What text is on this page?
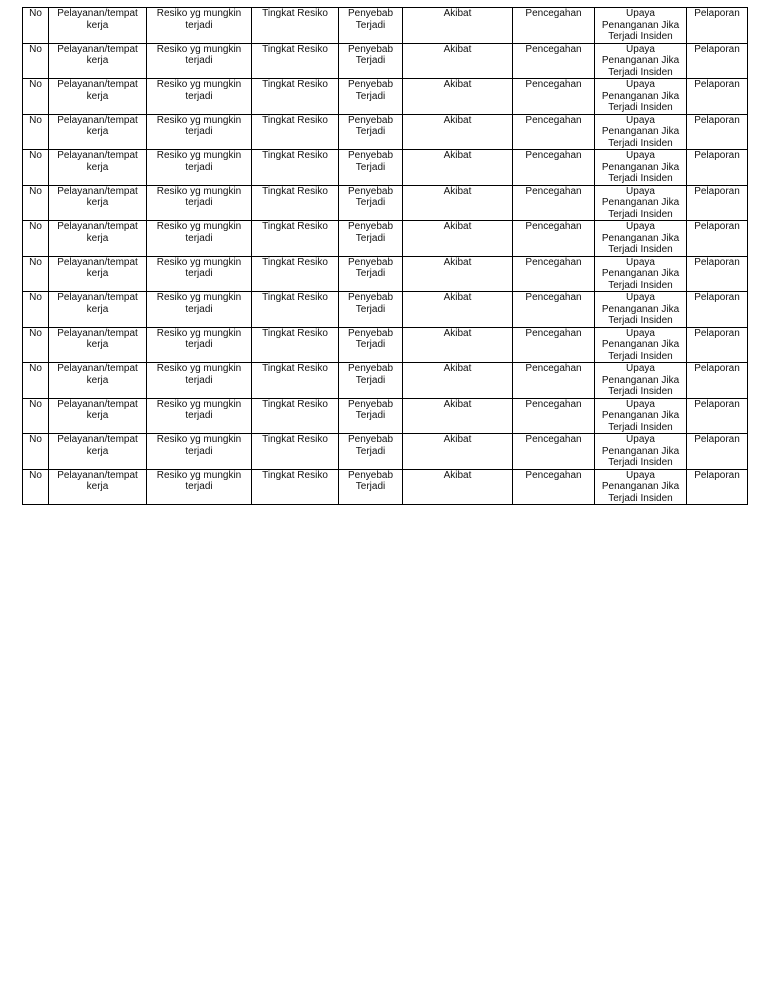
No	Pelayanan/tempat kerja	Resiko yg mungkin terjadi	Tingkat Resiko	Penyebab Terjadi	Akibat	Pencegahan	Upaya Penanganan Jika Terjadi Insiden	Pelaporan
No	Pelayanan/tempat kerja	Resiko yg mungkin terjadi	Tingkat Resiko	Penyebab Terjadi	Akibat	Pencegahan	Upaya Penanganan Jika Terjadi Insiden	Pelaporan
No	Pelayanan/tempat kerja	Resiko yg mungkin terjadi	Tingkat Resiko	Penyebab Terjadi	Akibat	Pencegahan	Upaya Penanganan Jika Terjadi Insiden	Pelaporan
No	Pelayanan/tempat kerja	Resiko yg mungkin terjadi	Tingkat Resiko	Penyebab Terjadi	Akibat	Pencegahan	Upaya Penanganan Jika Terjadi Insiden	Pelaporan
No	Pelayanan/tempat kerja	Resiko yg mungkin terjadi	Tingkat Resiko	Penyebab Terjadi	Akibat	Pencegahan	Upaya Penanganan Jika Terjadi Insiden	Pelaporan
No	Pelayanan/tempat kerja	Resiko yg mungkin terjadi	Tingkat Resiko	Penyebab Terjadi	Akibat	Pencegahan	Upaya Penanganan Jika Terjadi Insiden	Pelaporan
No	Pelayanan/tempat kerja	Resiko yg mungkin terjadi	Tingkat Resiko	Penyebab Terjadi	Akibat	Pencegahan	Upaya Penanganan Jika Terjadi Insiden	Pelaporan
No	Pelayanan/tempat kerja	Resiko yg mungkin terjadi	Tingkat Resiko	Penyebab Terjadi	Akibat	Pencegahan	Upaya Penanganan Jika Terjadi Insiden	Pelaporan
No	Pelayanan/tempat kerja	Resiko yg mungkin terjadi	Tingkat Resiko	Penyebab Terjadi	Akibat	Pencegahan	Upaya Penanganan Jika Terjadi Insiden	Pelaporan
No	Pelayanan/tempat kerja	Resiko yg mungkin terjadi	Tingkat Resiko	Penyebab Terjadi	Akibat	Pencegahan	Upaya Penanganan Jika Terjadi Insiden	Pelaporan
No	Pelayanan/tempat kerja	Resiko yg mungkin terjadi	Tingkat Resiko	Penyebab Terjadi	Akibat	Pencegahan	Upaya Penanganan Jika Terjadi Insiden	Pelaporan
No	Pelayanan/tempat kerja	Resiko yg mungkin terjadi	Tingkat Resiko	Penyebab Terjadi	Akibat	Pencegahan	Upaya Penanganan Jika Terjadi Insiden	Pelaporan
No	Pelayanan/tempat kerja	Resiko yg mungkin terjadi	Tingkat Resiko	Penyebab Terjadi	Akibat	Pencegahan	Upaya Penanganan Jika Terjadi Insiden	Pelaporan
No	Pelayanan/tempat kerja	Resiko yg mungkin terjadi	Tingkat Resiko	Penyebab Terjadi	Akibat	Pencegahan	Upaya Penanganan Jika Terjadi Insiden	Pelaporan
